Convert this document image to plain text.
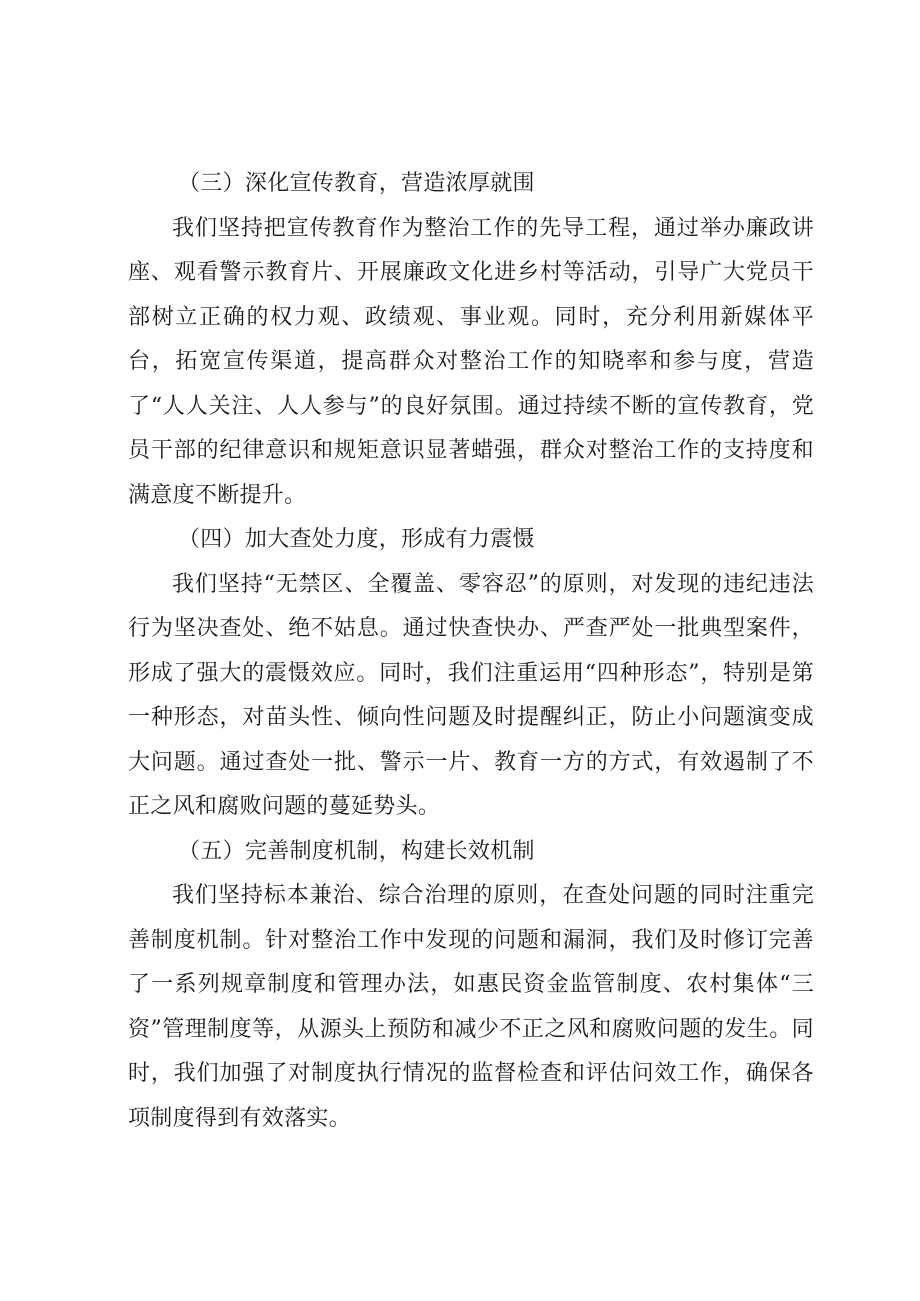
（三）深化宣传教育，营造浓厚就围

我们坚持把宣传教育作为整治工作的先导工程，通过举办廉政讲座、观看警示教育片、开展廉政文化进乡村等活动，引导广大党员干部树立正确的权力观、政绩观、事业观。同时，充分利用新媒体平台，拓宽宣传渠道，提高群众对整治工作的知晓率和参与度，营造了“人人关注、人人参与”的良好氛围。通过持续不断的宣传教育，党员干部的纪律意识和规矩意识显著蜡强，群众对整治工作的支持度和满意度不断提升。

（四）加大查处力度，形成有力震慑

我们坚持“无禁区、全覆盖、零容忍”的原则，对发现的违纪违法行为坚决查处、绝不姑息。通过快查快办、严查严处一批典型案件，形成了强大的震慑效应。同时，我们注重运用“四种形态”，特别是第一种形态，对苗头性、倾向性问题及时提醒纠正，防止小问题演变成大问题。通过查处一批、警示一片、教育一方的方式，有效遏制了不正之风和腐败问题的蔓延势头。

（五）完善制度机制，构建长效机制

我们坚持标本兼治、综合治理的原则，在查处问题的同时注重完善制度机制。针对整治工作中发现的问题和漏洞，我们及时修订完善了一系列规章制度和管理办法，如惠民资金监管制度、农村集体“三资”管理制度等，从源头上预防和减少不正之风和腐败问题的发生。同时，我们加强了对制度执行情况的监督检查和评估问效工作，确保各项制度得到有效落实。
